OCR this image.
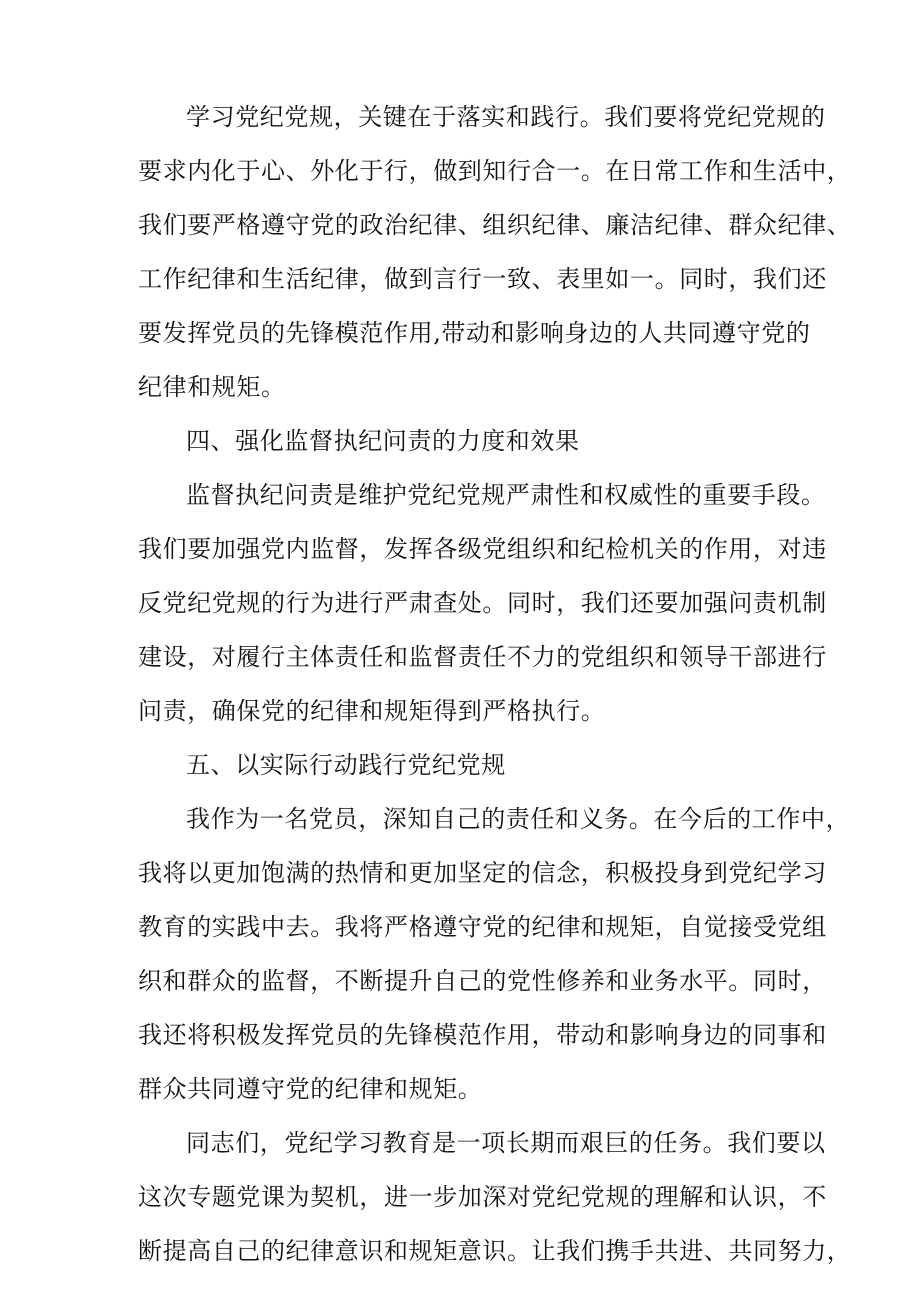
学习党纪党规，关键在于落实和践行。我们要将党纪党规的
要求内化于心、外化于行，做到知行合一。在日常工作和生活中，
我们要严格遵守党的政治纪律、组织纪律、廉洁纪律、群众纪律、
工作纪律和生活纪律，做到言行一致、表里如一。同时，我们还
要发挥党员的先锋模范作用,带动和影响身边的人共同遵守党的
纪律和规矩。
四、强化监督执纪问责的力度和效果
监督执纪问责是维护党纪党规严肃性和权威性的重要手段。
我们要加强党内监督，发挥各级党组织和纪检机关的作用，对违
反党纪党规的行为进行严肃查处。同时，我们还要加强问责机制
建设，对履行主体责任和监督责任不力的党组织和领导干部进行
问责，确保党的纪律和规矩得到严格执行。
五、以实际行动践行党纪党规
我作为一名党员，深知自己的责任和义务。在今后的工作中，
我将以更加饱满的热情和更加坚定的信念，积极投身到党纪学习
教育的实践中去。我将严格遵守党的纪律和规矩，自觉接受党组
织和群众的监督，不断提升自己的党性修养和业务水平。同时，
我还将积极发挥党员的先锋模范作用，带动和影响身边的同事和
群众共同遵守党的纪律和规矩。
同志们，党纪学习教育是一项长期而艰巨的任务。我们要以
这次专题党课为契机，进一步加深对党纪党规的理解和认识，不
断提高自己的纪律意识和规矩意识。让我们携手共进、共同努力，
